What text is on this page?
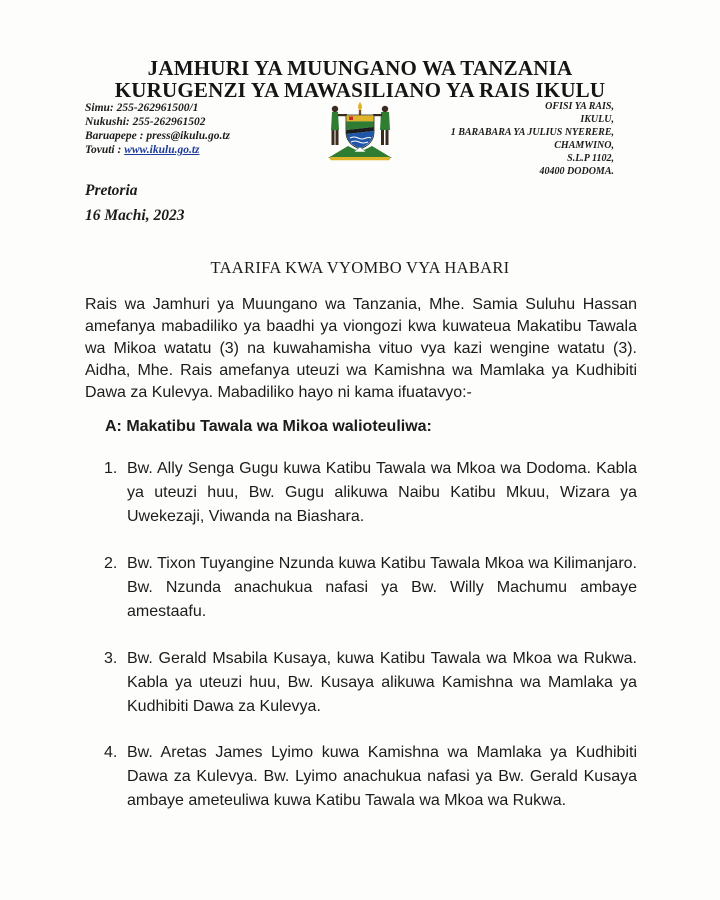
JAMHURI YA MUUNGANO WA TANZANIA
KURUGENZI YA MAWASILIANO YA RAIS IKULU
Simu: 255-262961500/1
Nukushi: 255-262961502
Baruapepe : press@ikulu.go.tz
Tovuti : www.ikulu.go.tz
OFISI YA RAIS,
IKULU,
1 BARABARA YA JULIUS NYERERE,
CHAMWINO,
S.L.P 1102,
40400 DODOMA.
Pretoria
16 Machi, 2023
TAARIFA KWA VYOMBO VYA HABARI
Rais wa Jamhuri ya Muungano wa Tanzania, Mhe. Samia Suluhu Hassan amefanya mabadiliko ya baadhi ya viongozi kwa kuwateua Makatibu Tawala wa Mikoa watatu (3) na kuwahamisha vituo vya kazi wengine watatu (3). Aidha, Mhe. Rais amefanya uteuzi wa Kamishna wa Mamlaka ya Kudhibiti Dawa za Kulevya. Mabadiliko hayo ni kama ifuatavyo:-
A: Makatibu Tawala wa Mikoa walioteuliwa:
1. Bw. Ally Senga Gugu kuwa Katibu Tawala wa Mkoa wa Dodoma. Kabla ya uteuzi huu, Bw. Gugu alikuwa Naibu Katibu Mkuu, Wizara ya Uwekezaji, Viwanda na Biashara.
2. Bw. Tixon Tuyangine Nzunda kuwa Katibu Tawala Mkoa wa Kilimanjaro. Bw. Nzunda anachukua nafasi ya Bw. Willy Machumu ambaye amestaafu.
3. Bw. Gerald Msabila Kusaya, kuwa Katibu Tawala wa Mkoa wa Rukwa. Kabla ya uteuzi huu, Bw. Kusaya alikuwa Kamishna wa Mamlaka ya Kudhibiti Dawa za Kulevya.
4. Bw. Aretas James Lyimo kuwa Kamishna wa Mamlaka ya Kudhibiti Dawa za Kulevya. Bw. Lyimo anachukua nafasi ya Bw. Gerald Kusaya ambaye ameteuliwa kuwa Katibu Tawala wa Mkoa wa Rukwa.
